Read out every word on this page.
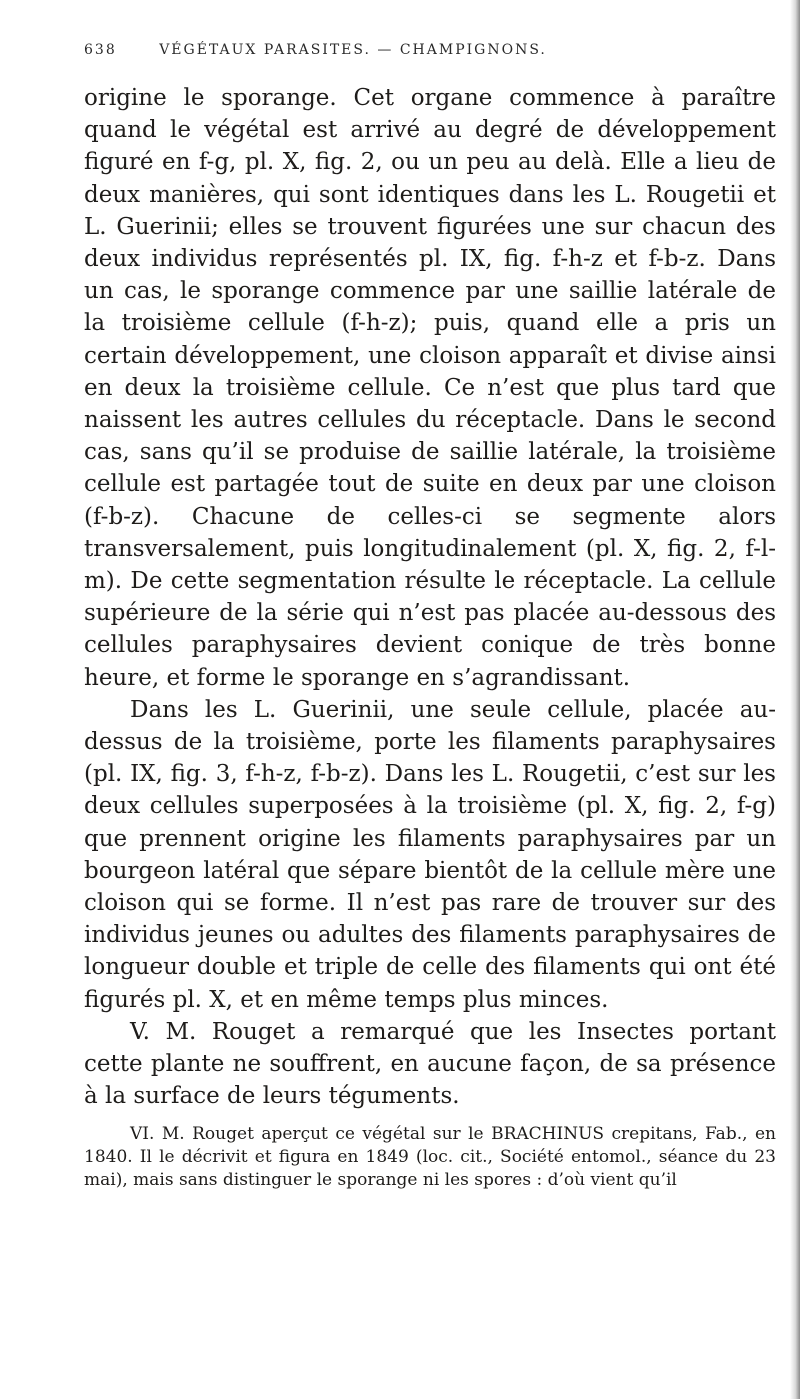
638	VÉGÉTAUX PARASITES. — CHAMPIGNONS.

origine le sporange. Cet organe commence à paraître quand le végétal est arrivé au degré de développement figuré en f-g, pl. X, fig. 2, ou un peu au delà. Elle a lieu de deux manières, qui sont identiques dans les L. Rougetii et L. Guerinii; elles se trouvent figurées une sur chacun des deux individus représentés pl. IX, fig. f-h-z et f-b-z. Dans un cas, le sporange commence par une saillie latérale de la troisième cellule (f-h-z); puis, quand elle a pris un certain développement, une cloison apparaît et divise ainsi en deux la troisième cellule. Ce n’est que plus tard que naissent les autres cellules du réceptacle. Dans le second cas, sans qu’il se produise de saillie latérale, la troisième cellule est partagée tout de suite en deux par une cloison (f-b-z). Chacune de celles-ci se segmente alors transversalement, puis longitudinalement (pl. X, fig. 2, f-l-m). De cette segmentation résulte le réceptacle. La cellule supérieure de la série qui n’est pas placée au-dessous des cellules paraphysaires devient conique de très bonne heure, et forme le sporange en s’agrandissant.

Dans les L. Guerinii, une seule cellule, placée au-dessus de la troisième, porte les filaments paraphysaires (pl. IX, fig. 3, f-h-z, f-b-z). Dans les L. Rougetii, c’est sur les deux cellules superposées à la troisième (pl. X, fig. 2, f-g) que prennent origine les filaments paraphysaires par un bourgeon latéral que sépare bientôt de la cellule mère une cloison qui se forme. Il n’est pas rare de trouver sur des individus jeunes ou adultes des filaments paraphysaires de longueur double et triple de celle des filaments qui ont été figurés pl. X, et en même temps plus minces.

V. M. Rouget a remarqué que les Insectes portant cette plante ne souffrent, en aucune façon, de sa présence à la surface de leurs téguments.

VI. M. Rouget aperçut ce végétal sur le BRACHINUS crepitans, Fab., en 1840. Il le décrivit et figura en 1849 (loc. cit., Société entomol., séance du 23 mai), mais sans distinguer le sporange ni les spores : d’où vient qu’il
